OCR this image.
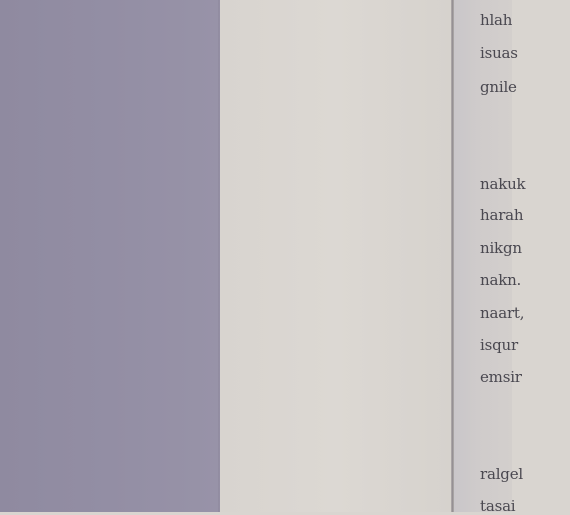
hlah
isuas
gnile
nakuk
harah
nikgn
nakn.
naart,
isqur
emsir
ralgel
tasai
